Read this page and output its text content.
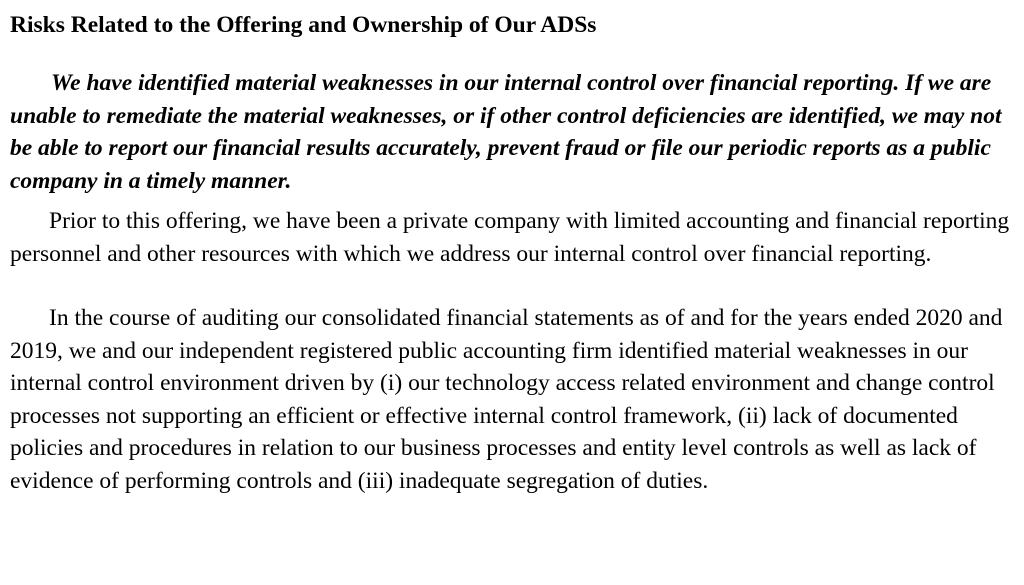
Risks Related to the Offering and Ownership of Our ADSs

We have identified material weaknesses in our internal control over financial reporting. If we are unable to remediate the material weaknesses, or if other control deficiencies are identified, we may not be able to report our financial results accurately, prevent fraud or file our periodic reports as a public company in a timely manner.

Prior to this offering, we have been a private company with limited accounting and financial reporting personnel and other resources with which we address our internal control over financial reporting.

In the course of auditing our consolidated financial statements as of and for the years ended 2020 and 2019, we and our independent registered public accounting firm identified material weaknesses in our internal control environment driven by (i) our technology access related environment and change control processes not supporting an efficient or effective internal control framework, (ii) lack of documented policies and procedures in relation to our business processes and entity level controls as well as lack of evidence of performing controls and (iii) inadequate segregation of duties.
